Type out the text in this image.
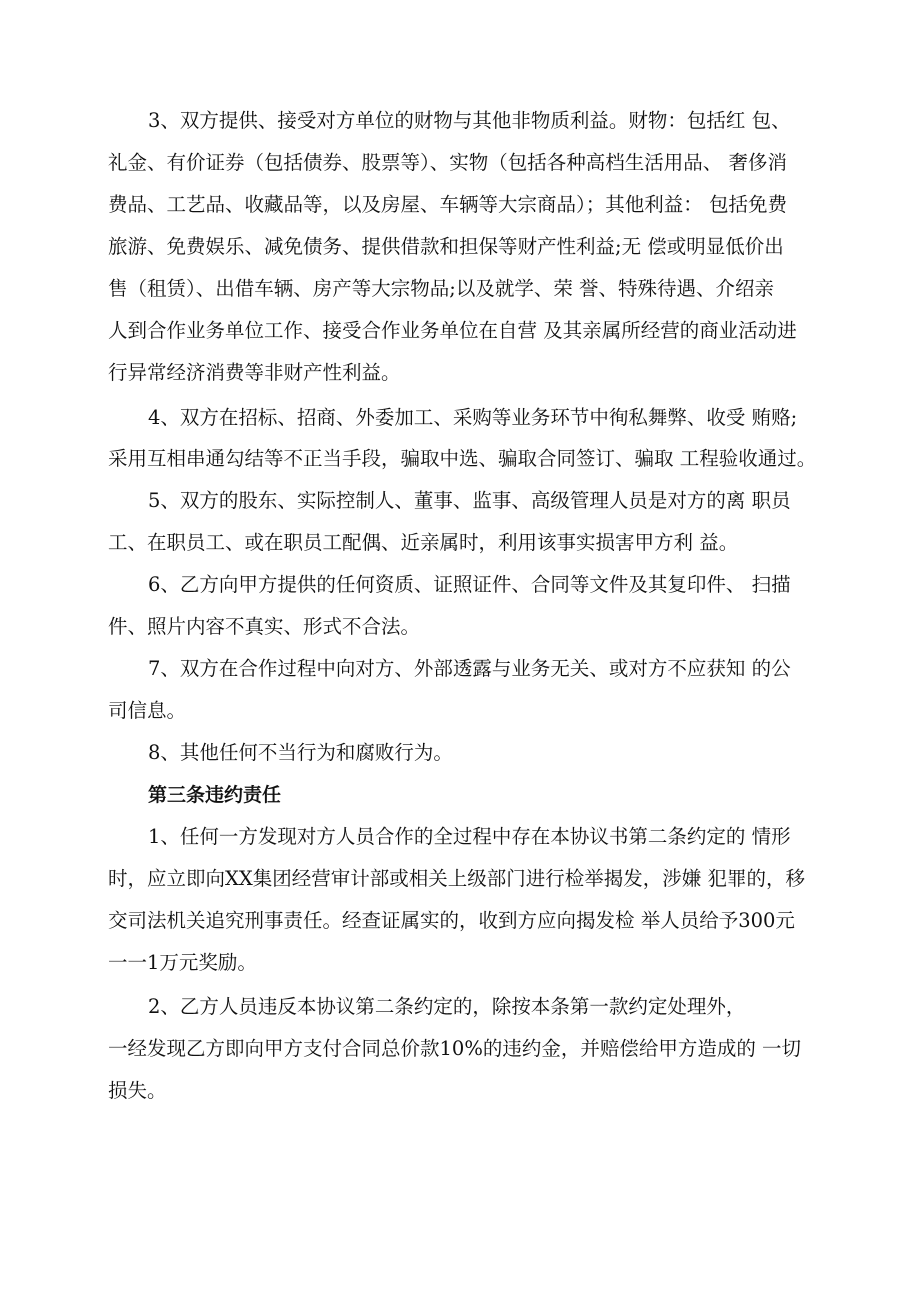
3、双方提供、接受对方单位的财物与其他非物质利益。财物：包括红 包、

礼金、有价证券（包括债券、股票等）、实物（包括各种高档生活用品、 奢侈消

费品、工艺品、收藏品等，以及房屋、车辆等大宗商品）；其他利益： 包括免费

旅游、免费娱乐、减免债务、提供借款和担保等财产性利益;无 偿或明显低价出

售（租赁）、出借车辆、房产等大宗物品;以及就学、荣 誉、特殊待遇、介绍亲

人到合作业务单位工作、接受合作业务单位在自营 及其亲属所经营的商业活动进

行异常经济消费等非财产性利益。

4、双方在招标、招商、外委加工、采购等业务环节中徇私舞弊、收受 贿赂;

采用互相串通勾结等不正当手段，骗取中选、骗取合同签订、骗取 工程验收通过。

5、双方的股东、实际控制人、董事、监事、高级管理人员是对方的离 职员

工、在职员工、或在职员工配偶、近亲属时，利用该事实损害甲方利 益。

6、乙方向甲方提供的任何资质、证照证件、合同等文件及其复印件、 扫描

件、照片内容不真实、形式不合法。

7、双方在合作过程中向对方、外部透露与业务无关、或对方不应获知 的公

司信息。

8、其他任何不当行为和腐败行为。

第三条违约责任

1、任何一方发现对方人员合作的全过程中存在本协议书第二条约定的 情形

时，应立即向XX集团经营审计部或相关上级部门进行检举揭发，涉嫌 犯罪的，移

交司法机关追究刑事责任。经查证属实的，收到方应向揭发检 举人员给予300元

一一1万元奖励。

2、乙方人员违反本协议第二条约定的，除按本条第一款约定处理外，

一经发现乙方即向甲方支付合同总价款10%的违约金，并赔偿给甲方造成的 一切

损失。
